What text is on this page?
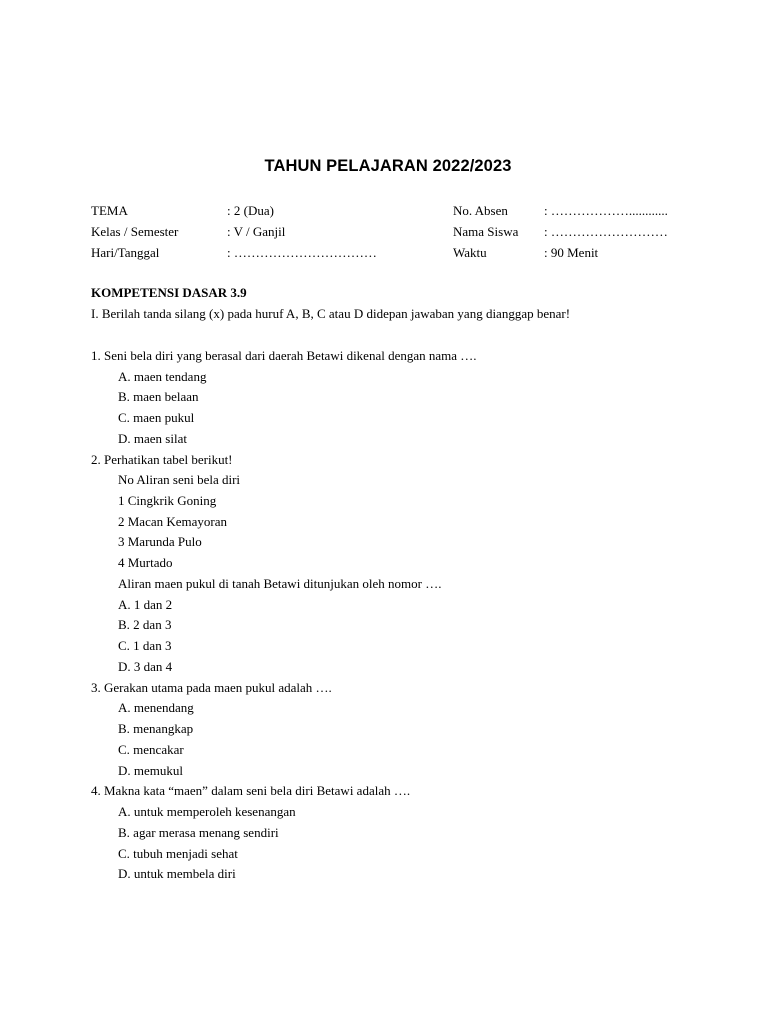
TAHUN PELAJARAN 2022/2023
TEMA	: 2 (Dua)	No. Absen	: ………………............
Kelas / Semester	: V / Ganjil	Nama Siswa : ………………………
Hari/Tanggal	: ……………………………	Waktu	: 90 Menit
KOMPETENSI DASAR 3.9
I. Berilah tanda silang (x) pada huruf A, B, C atau D didepan jawaban yang dianggap benar!
1. Seni bela diri yang berasal dari daerah Betawi dikenal dengan nama ….
A. maen tendang
B. maen belaan
C. maen pukul
D. maen silat
2. Perhatikan tabel berikut!
No Aliran seni bela diri
1 Cingkrik Goning
2 Macan Kemayoran
3 Marunda Pulo
4 Murtado
Aliran maen pukul di tanah Betawi ditunjukan oleh nomor ….
A. 1 dan 2
B. 2 dan 3
C. 1 dan 3
D. 3 dan 4
3. Gerakan utama pada maen pukul adalah ….
A. menendang
B. menangkap
C. mencakar
D. memukul
4. Makna kata “maen” dalam seni bela diri Betawi adalah ….
A. untuk memperoleh kesenangan
B. agar merasa menang sendiri
C. tubuh menjadi sehat
D. untuk membela diri
